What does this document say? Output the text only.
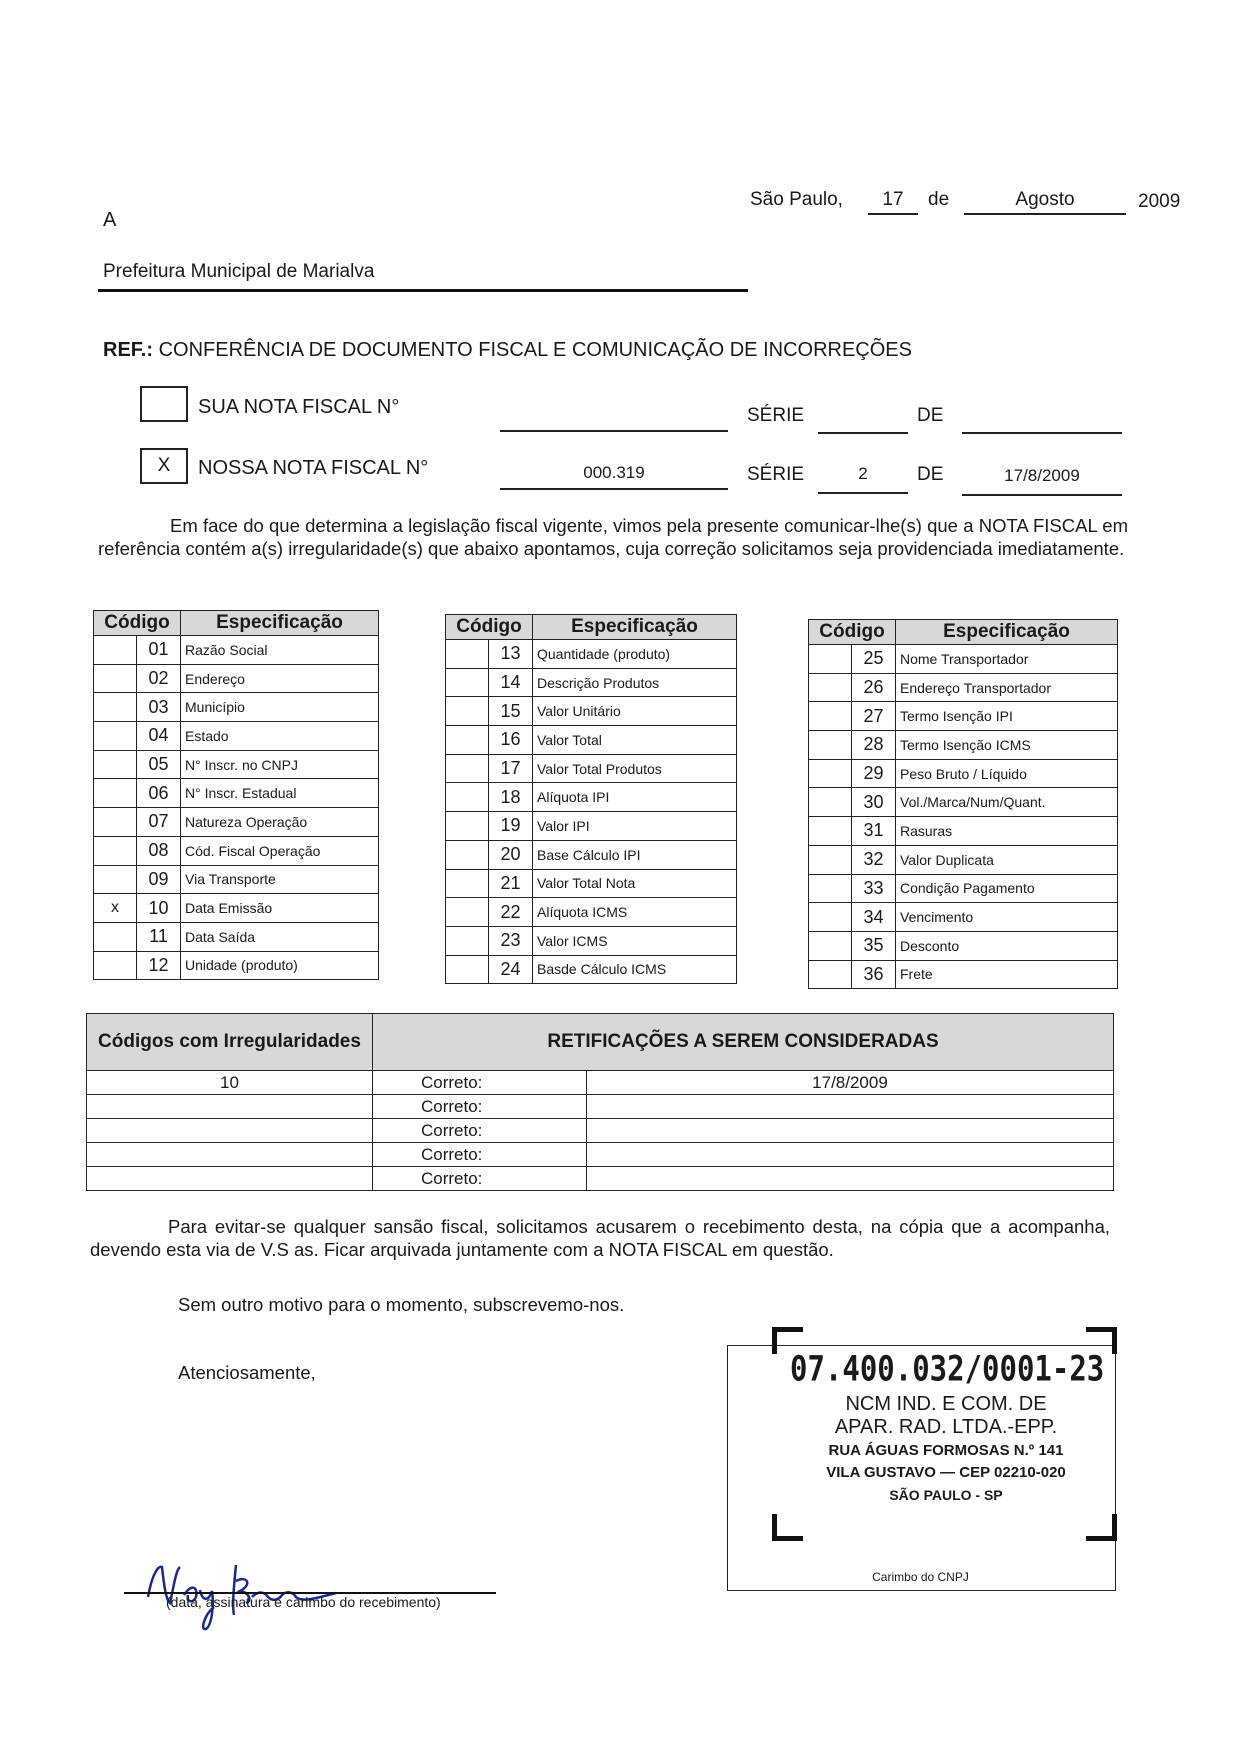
São Paulo,	17	de	Agosto	2009
A
Prefeitura Municipal de Marialva
REF.: CONFERÊNCIA DE DOCUMENTO FISCAL E COMUNICAÇÃO DE INCORREÇÕES
SUA NOTA FISCAL N°	SÉRIE	DE
X	NOSSA NOTA FISCAL N°	000.319	SÉRIE	2	DE	17/8/2009
Em face do que determina a legislação fiscal vigente, vimos pela presente comunicar-lhe(s) que a NOTA FISCAL em referência contém a(s) irregularidade(s) que abaixo apontamos, cuja correção solicitamos seja providenciada imediatamente.
Código		Especificação
	01	Razão Social
	02	Endereço
	03	Município
	04	Estado
	05	N° Inscr. no CNPJ
	06	N° Inscr. Estadual
	07	Natureza Operação
	08	Cód. Fiscal Operação
	09	Via Transporte
x	10	Data Emissão
	11	Data Saída
	12	Unidade (produto)
Código		Especificação
	13	Quantidade (produto)
	14	Descrição Produtos
	15	Valor Unitário
	16	Valor Total
	17	Valor Total Produtos
	18	Alíquota IPI
	19	Valor IPI
	20	Base Cálculo IPI
	21	Valor Total Nota
	22	Alíquota ICMS
	23	Valor ICMS
	24	Basde Cálculo ICMS
Código		Especificação
	25	Nome Transportador
	26	Endereço Transportador
	27	Termo Isenção IPI
	28	Termo Isenção ICMS
	29	Peso Bruto / Líquido
	30	Vol./Marca/Num/Quant.
	31	Rasuras
	32	Valor Duplicata
	33	Condição Pagamento
	34	Vencimento
	35	Desconto
	36	Frete
Códigos com Irregularidades	RETIFICAÇÕES A SEREM CONSIDERADAS	
10	Correto:	17/8/2009
	Correto:	
	Correto:	
	Correto:	
	Correto:	
Para evitar-se qualquer sansão fiscal, solicitamos acusarem o recebimento desta, na cópia que a acompanha, devendo esta via de V.S as. Ficar arquivada juntamente com a NOTA FISCAL em questão.
Sem outro motivo para o momento, subscrevemo-nos.
Atenciosamente,
(data, assinatura e carimbo do recebimento)
07.400.032/0001-23
NCM IND. E COM. DE
APAR. RAD. LTDA.-EPP.
RUA ÁGUAS FORMOSAS N.º 141
VILA GUSTAVO — CEP 02210-020
SÃO PAULO - SP
Carimbo do CNPJ
